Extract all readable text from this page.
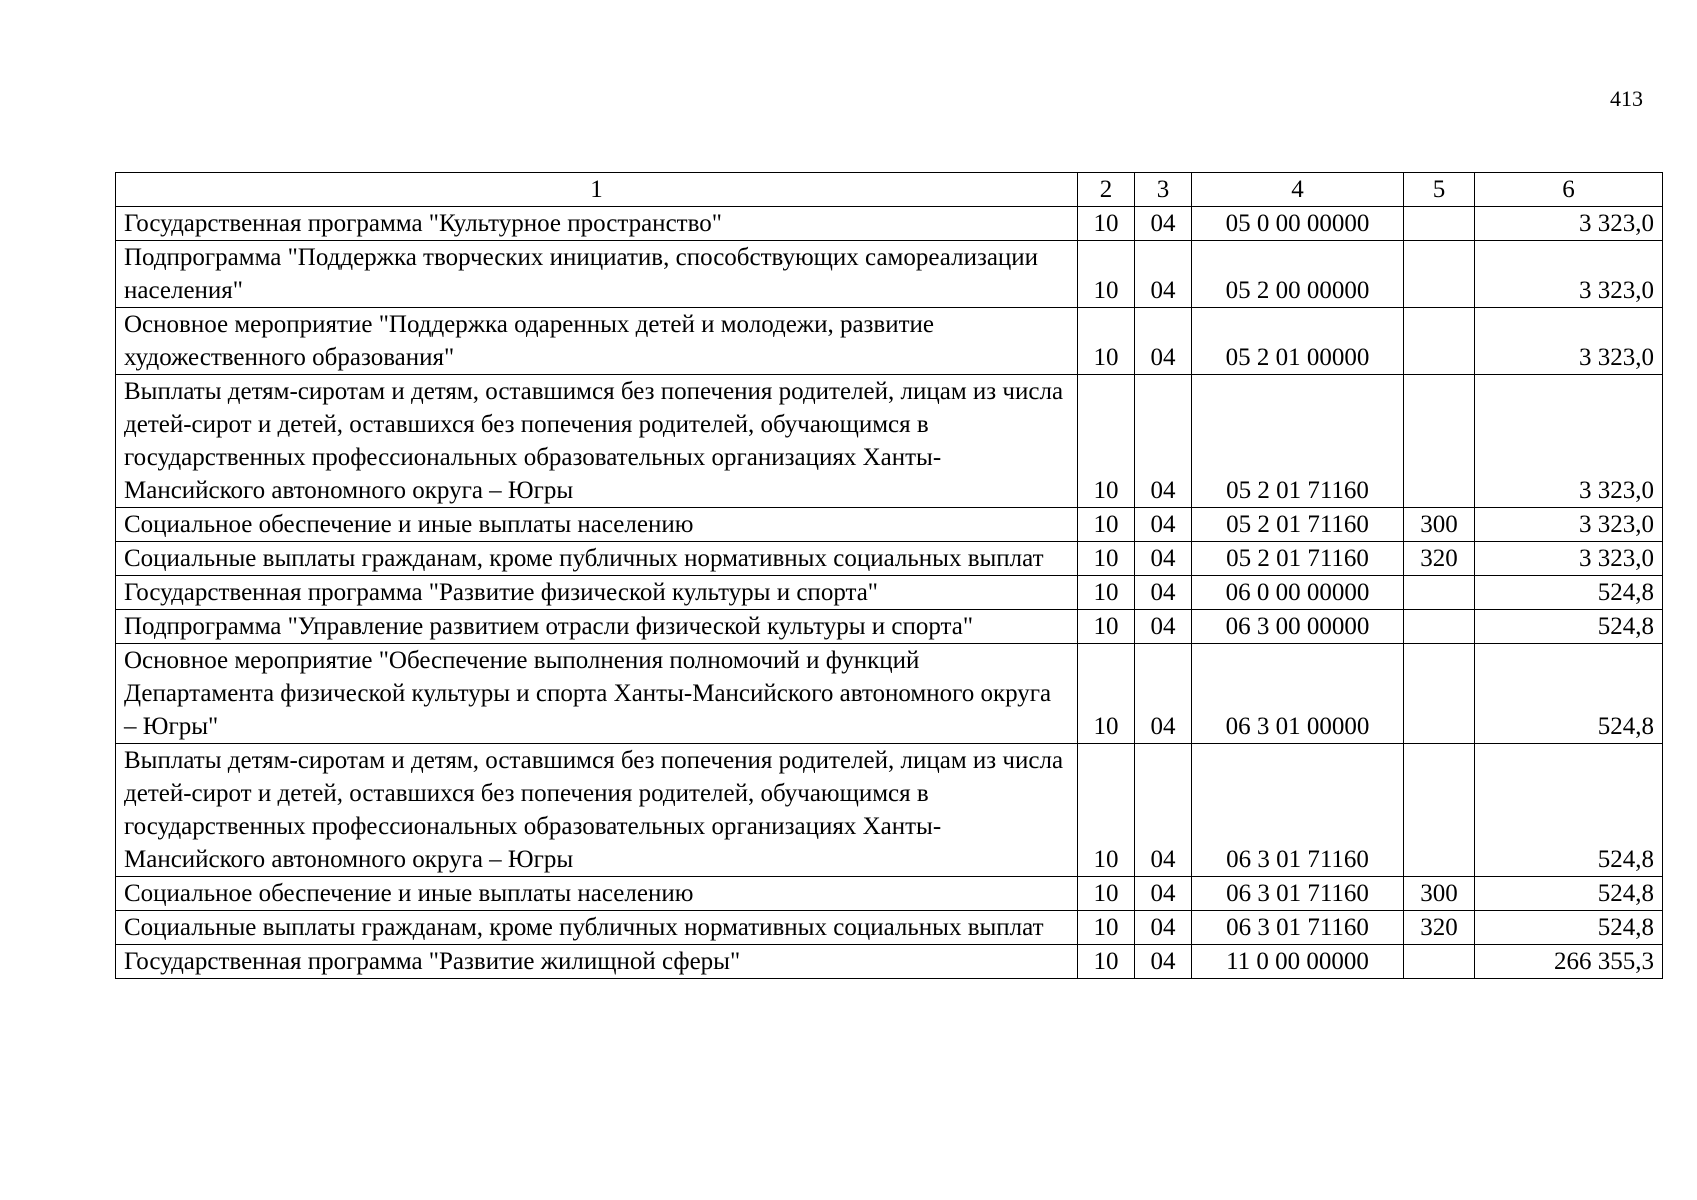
413
1	2	3	4	5	6
Государственная программа "Культурное пространство"	10	04	05 0 00 00000		3 323,0
Подпрограмма "Поддержка творческих инициатив, способствующих самореализации населения"	10	04	05 2 00 00000		3 323,0
Основное мероприятие "Поддержка одаренных детей и молодежи, развитие художественного образования"	10	04	05 2 01 00000		3 323,0
Выплаты детям-сиротам и детям, оставшимся без попечения родителей, лицам из числа детей-сирот и детей, оставшихся без попечения родителей, обучающимся в государственных профессиональных образовательных организациях Ханты-Мансийского автономного округа – Югры	10	04	05 2 01 71160		3 323,0
Социальное обеспечение и иные выплаты населению	10	04	05 2 01 71160	300	3 323,0
Социальные выплаты гражданам, кроме публичных нормативных социальных выплат	10	04	05 2 01 71160	320	3 323,0
Государственная программа "Развитие физической культуры и спорта"	10	04	06 0 00 00000		524,8
Подпрограмма "Управление развитием отрасли физической культуры и спорта"	10	04	06 3 00 00000		524,8
Основное мероприятие "Обеспечение выполнения полномочий и функций Департамента физической культуры и спорта Ханты-Мансийского автономного округа – Югры"	10	04	06 3 01 00000		524,8
Выплаты детям-сиротам и детям, оставшимся без попечения родителей, лицам из числа детей-сирот и детей, оставшихся без попечения родителей, обучающимся в государственных профессиональных образовательных организациях Ханты-Мансийского автономного округа – Югры	10	04	06 3 01 71160		524,8
Социальное обеспечение и иные выплаты населению	10	04	06 3 01 71160	300	524,8
Социальные выплаты гражданам, кроме публичных нормативных социальных выплат	10	04	06 3 01 71160	320	524,8
Государственная программа "Развитие жилищной сферы"	10	04	11 0 00 00000		266 355,3
